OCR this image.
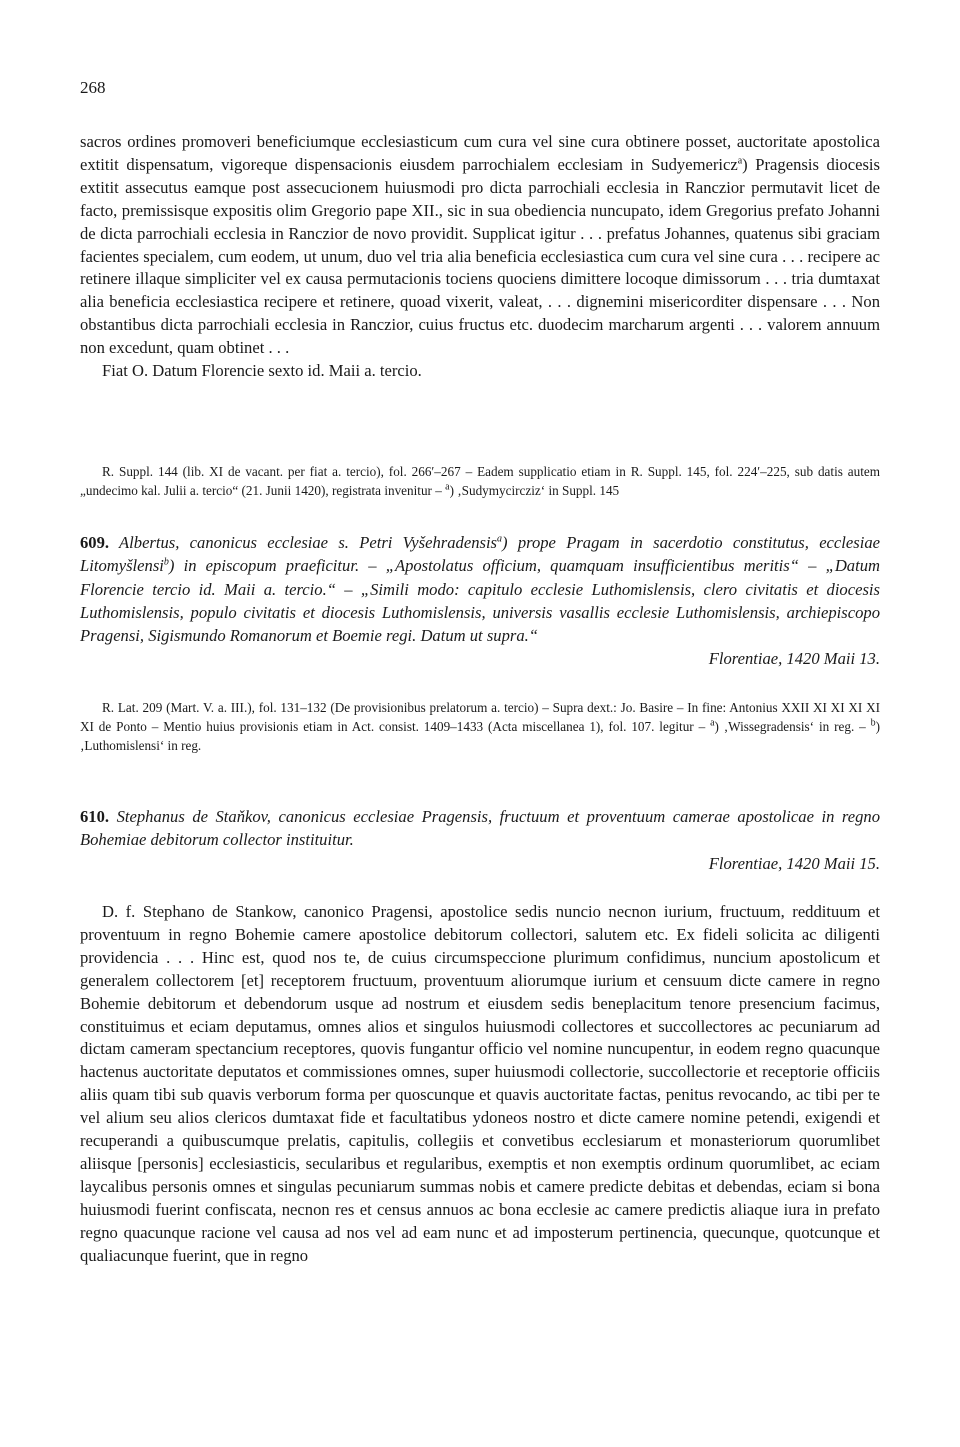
268

sacros ordines promoveri beneficiumque ecclesiasticum cum cura vel sine cura obtinere posset, auctoritate apostolica extitit dispensatum, vigoreque dispensacionis eiusdem parrochialem ecclesiam in Sudyemericz$^a$) Pragensis diocesis extitit assecutus eamque post assecucionem huiusmodi pro dicta parrochiali ecclesia in Ranczior permutavit licet de facto, premissisque expositis olim Gregorio pape XII., sic in sua obediencia nuncupato, idem Gregorius prefato Johanni de dicta parrochiali ecclesia in Ranczior de novo providit. Supplicat igitur . . . prefatus Johannes, quatenus sibi graciam facientes specialem, cum eodem, ut unum, duo vel tria alia beneficia ecclesiastica cum cura vel sine cura . . . recipere ac retinere illaque simpliciter vel ex causa permutacionis tociens quociens dimittere locoque dimissorum . . . tria dumtaxat alia beneficia ecclesiastica recipere et retinere, quoad vixerit, valeat, . . . dignemini misericorditer dispensare . . . Non obstantibus dicta parrochiali ecclesia in Ranczior, cuius fructus etc. duodecim marcharum argenti . . . valorem annuum non excedunt, quam obtinet . . .

Fiat O. Datum Florencie sexto id. Maii a. tercio.

R. Suppl. 144 (lib. XI de vacant. per fiat a. tercio), fol. 266′–267 – Eadem supplicatio etiam in R. Suppl. 145, fol. 224′–225, sub datis autem „undecimo kal. Julii a. tercio“ (21. Junii 1420), registrata invenitur – $^a$) ‚Sudymycircziz‘ in Suppl. 145

609. Albertus, canonicus ecclesiae s. Petri Vyšehradensis$^a$) prope Pragam in sacerdotio constitutus, ecclesiae Litomyšlensi$^b$) in episcopum praeficitur. – „Apostolatus officium, quamquam insufficientibus meritis“ – „Datum Florencie tercio id. Maii a. tercio.“ – „Simili modo: capitulo ecclesie Luthomislensis, clero civitatis et diocesis Luthomislensis, populo civitatis et diocesis Luthomislensis, universis vasallis ecclesie Luthomislensis, archiepiscopo Pragensi, Sigismundo Romanorum et Boemie regi. Datum ut supra.“
Florentiae, 1420 Maii 13.

R. Lat. 209 (Mart. V. a. III.), fol. 131–132 (De provisionibus prelatorum a. tercio) – Supra dext.: Jo. Basire – In fine: Antonius XXII XI XI XI XI XI de Ponto – Mentio huius provisionis etiam in Act. consist. 1409–1433 (Acta miscellanea 1), fol. 107. legitur – $^a$) ‚Wissegradensis‘ in reg. – $^b$) ‚Luthomislensi‘ in reg.

610. Stephanus de Staňkov, canonicus ecclesiae Pragensis, fructuum et proventuum camerae apostolicae in regno Bohemiae debitorum collector instituitur.
Florentiae, 1420 Maii 15.

D. f. Stephano de Stankow, canonico Pragensi, apostolice sedis nuncio necnon iurium, fructuum, reddituum et proventuum in regno Bohemie camere apostolice debitorum collectori, salutem etc. Ex fideli solicita ac diligenti providencia . . . Hinc est, quod nos te, de cuius circumspeccione plurimum confidimus, nuncium apostolicum et generalem collectorem [et] receptorem fructuum, proventuum aliorumque iurium et censuum dicte camere in regno Bohemie debitorum et debendorum usque ad nostrum et eiusdem sedis beneplacitum tenore presencium facimus, constituimus et eciam deputamus, omnes alios et singulos huiusmodi collectores et succollectores ac pecuniarum ad dictam cameram spectancium receptores, quovis fungantur officio vel nomine nuncupentur, in eodem regno quacunque hactenus auctoritate deputatos et commissiones omnes, super huiusmodi collectorie, succollectorie et receptorie officiis aliis quam tibi sub quavis verborum forma per quoscunque et quavis auctoritate factas, penitus revocando, ac tibi per te vel alium seu alios clericos dumtaxat fide et facultatibus ydoneos nostro et dicte camere nomine petendi, exigendi et recuperandi a quibuscumque prelatis, capitulis, collegiis et convetibus ecclesiarum et monasteriorum quorumlibet aliisque [personis] ecclesiasticis, secularibus et regularibus, exemptis et non exemptis ordinum quorumlibet, ac eciam laycalibus personis omnes et singulas pecuniarum summas nobis et camere predicte debitas et debendas, eciam si bona huiusmodi fuerint confiscata, necnon res et census annuos ac bona ecclesie ac camere predictis aliaque iura in prefato regno quacunque racione vel causa ad nos vel ad eam nunc et ad imposterum pertinencia, quecunque, quotcunque et qualiacunque fuerint, que in regno
